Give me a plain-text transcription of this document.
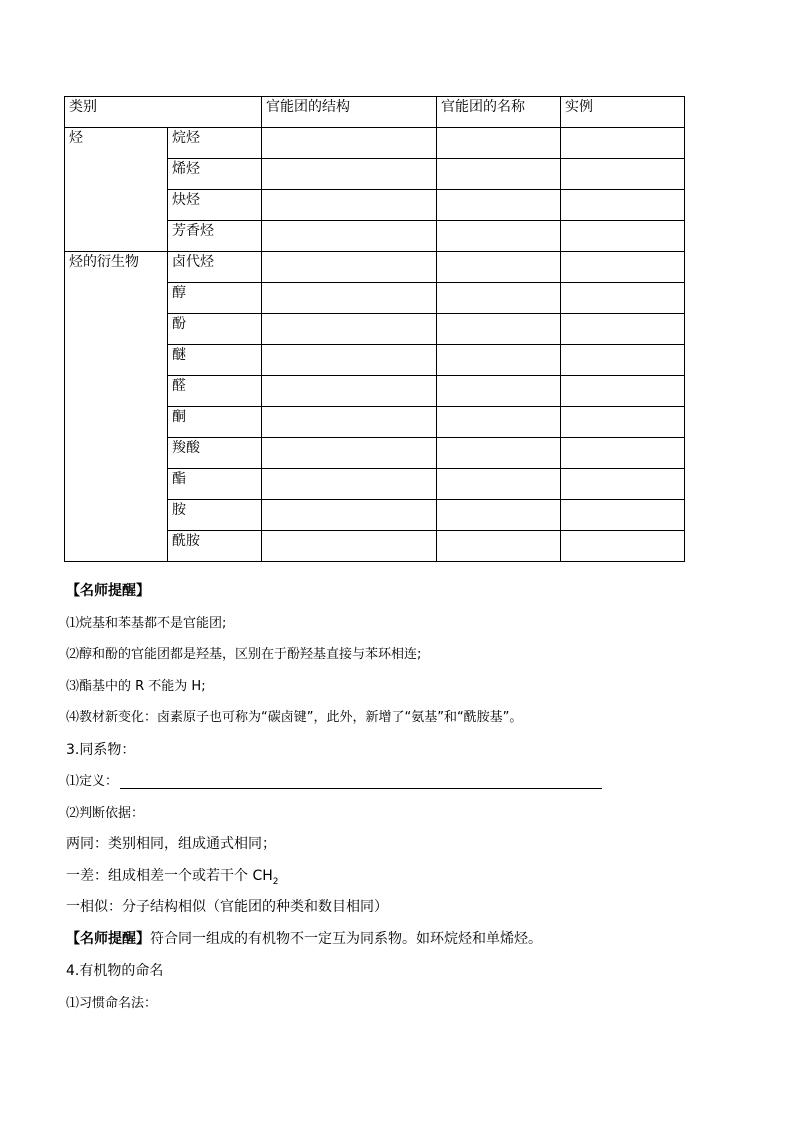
类别		官能团的结构	官能团的名称	实例
烃	烷烃			
	烯烃			
	炔烃			
	芳香烃			
烃的衍生物	卤代烃			
	醇			
	酚			
	醚			
	醛			
	酮			
	羧酸			
	酯			
	胺			
	酰胺			
【名师提醒】
⑴烷基和苯基都不是官能团;
⑵醇和酚的官能团都是羟基，区别在于酚羟基直接与苯环相连;
⑶酯基中的 R 不能为 H;
⑷教材新变化：卤素原子也可称为“碳卤键”，此外，新增了“氨基”和“酰胺基”。
3.同系物：
⑴定义：
⑵判断依据：
两同：类别相同，组成通式相同；
一差：组成相差一个或若干个 $CH_2$
一相似：分子结构相似（官能团的种类和数目相同）
【名师提醒】符合同一组成的有机物不一定互为同系物。如环烷烃和单烯烃。
4.有机物的命名
⑴习惯命名法：
